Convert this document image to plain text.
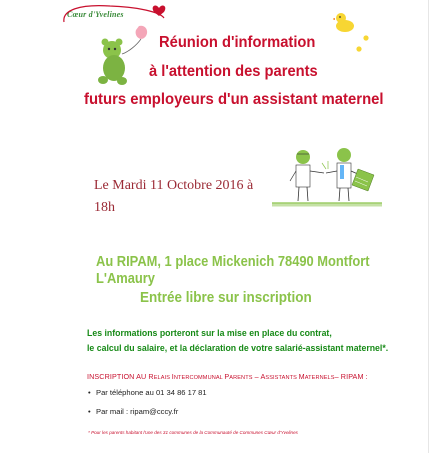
Cœur d'Yvelines
Réunion d'information
à l'attention des parents
futurs employeurs d'un assistant maternel
Le Mardi 11 Octobre 2016 à 18h
Au RIPAM, 1 place Mickenich 78490 Montfort L'Amaury
Entrée libre sur inscription
Les informations porteront sur la mise en place du contrat,
le calcul du salaire, et la déclaration de votre salarié-assistant maternel*.
INSCRIPTION AU RELAIS INTERCOMMUNAL PARENTS – ASSISTANTS MATERNELS– RIPAM :
• Par téléphone au 01 34 86 17 81
• Par mail : ripam@cccy.fr
* Pour les parents habitant l'une des 31 communes de la Communauté de Communes Cœur d'Yvelines
